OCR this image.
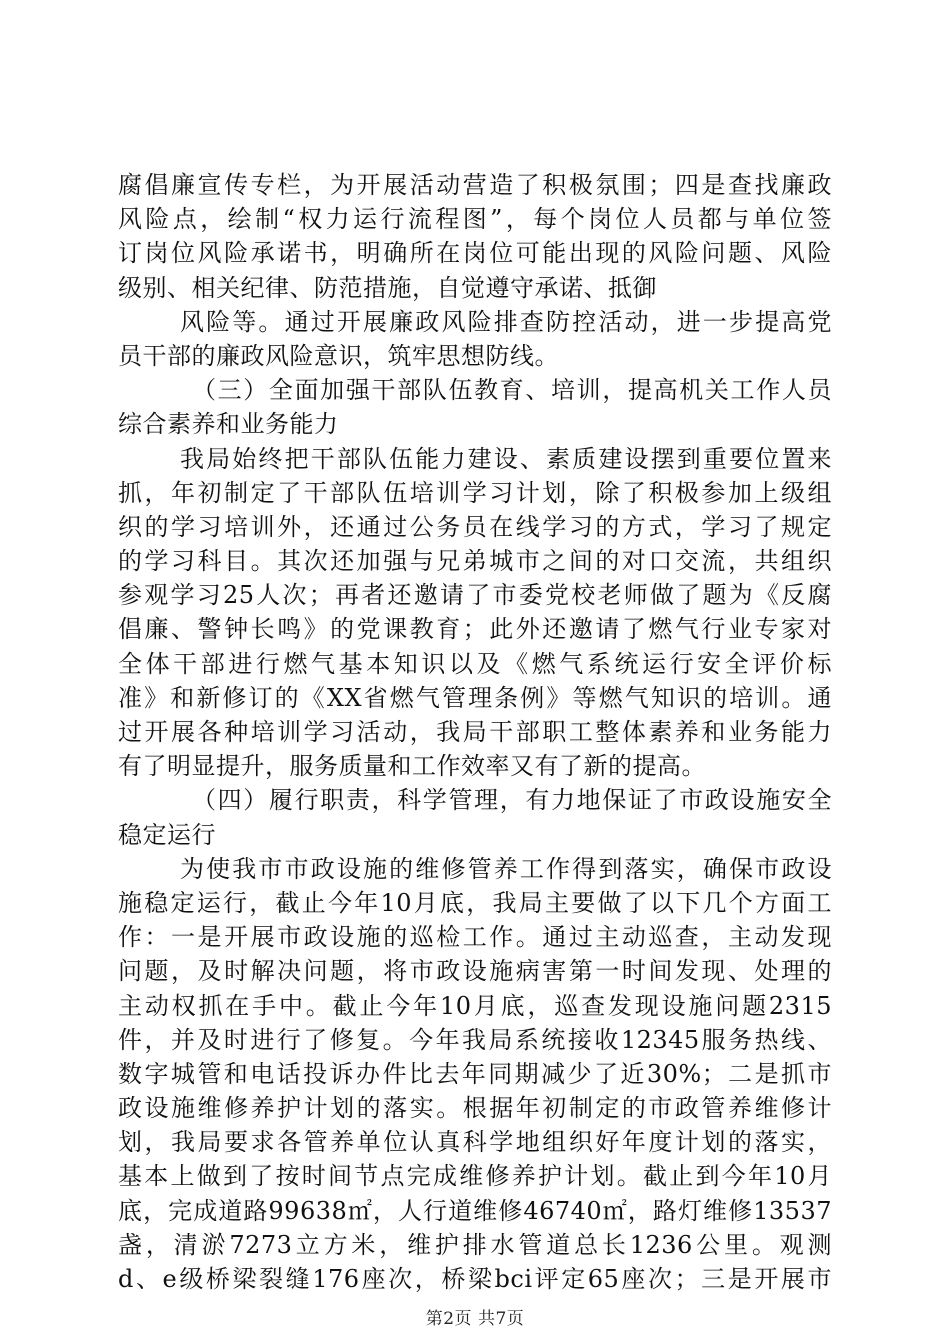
腐倡廉宣传专栏，为开展活动营造了积极氛围；四是查找廉政
风险点，绘制“权力运行流程图”，每个岗位人员都与单位签
订岗位风险承诺书，明确所在岗位可能出现的风险问题、风险
级别、相关纪律、防范措施，自觉遵守承诺、抵御
风险等。通过开展廉政风险排查防控活动，进一步提高党
员干部的廉政风险意识，筑牢思想防线。
（三）全面加强干部队伍教育、培训，提高机关工作人员
综合素养和业务能力
我局始终把干部队伍能力建设、素质建设摆到重要位置来
抓，年初制定了干部队伍培训学习计划，除了积极参加上级组
织的学习培训外，还通过公务员在线学习的方式，学习了规定
的学习科目。其次还加强与兄弟城市之间的对口交流，共组织
参观学习25人次；再者还邀请了市委党校老师做了题为《反腐
倡廉、警钟长鸣》的党课教育；此外还邀请了燃气行业专家对
全体干部进行燃气基本知识以及《燃气系统运行安全评价标
准》和新修订的《XX省燃气管理条例》等燃气知识的培训。通
过开展各种培训学习活动，我局干部职工整体素养和业务能力
有了明显提升，服务质量和工作效率又有了新的提高。
（四）履行职责，科学管理，有力地保证了市政设施安全
稳定运行
为使我市市政设施的维修管养工作得到落实，确保市政设
施稳定运行，截止今年10月底，我局主要做了以下几个方面工
作：一是开展市政设施的巡检工作。通过主动巡查，主动发现
问题，及时解决问题，将市政设施病害第一时间发现、处理的
主动权抓在手中。截止今年10月底，巡查发现设施问题2315
件，并及时进行了修复。今年我局系统接收12345服务热线、
数字城管和电话投诉办件比去年同期减少了近30%；二是抓市
政设施维修养护计划的落实。根据年初制定的市政管养维修计
划，我局要求各管养单位认真科学地组织好年度计划的落实，
基本上做到了按时间节点完成维修养护计划。截止到今年10月
底，完成道路99638㎡，人行道维修46740㎡，路灯维修13537
盏，清淤7273立方米，维护排水管道总长1236公里。观测
d、e级桥梁裂缝176座次，桥梁bci评定65座次；三是开展市
第2页 共7页
